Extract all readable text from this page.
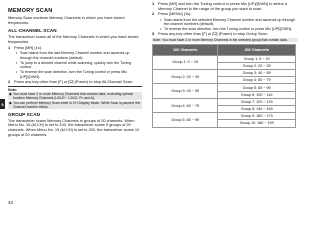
9
MEMORY SCAN

Memory Scan monitors Memory Channels in which you have stored frequencies.

ALL-CHANNEL SCAN

The transceiver scans all of the Memory Channels in which you have stored frequencies.

1 Press [MR] (1s).
• Scan starts from the last Memory Channel number and ascends up through the channel numbers (default).
• To jump to a desired channel while scanning, quickly turn the Tuning control.
• To reverse the scan direction, turn the Tuning control or press Mic [UP]/[DWN].
2 Press any key other than [F] or [⏻] (Power) to stop All-Channel Scan.
Note:
◆ You must have 2 or more Memory Channels that contain data, excluding special function Memory Channels (L0/U0 ~ L2/U2, Pr, and A).
◆ You can perform Memory Scan while in CH Display Mode. While Scan is paused, the Channel number blinks.
GROUP SCAN

The transceiver scans Memory Channels in groups of 20 channels. When Menu No. 15 (M.CH) is set to 100, the transceiver scans 5 groups of 20 channels. When Menu No. 15 (M.CH) is set to 200, the transceiver scans 10 groups of 20 channels.

1 Press [MR] and turn the Tuning control or press Mic [UP]/[DWN] to select a Memory Channel in the range of the group you want to scan.
2 Press [MENU] (1s).
• Scan starts from the selected Memory Channel number and ascends up through the channel numbers (default).
• To reverse the scan direction, turn the Tuning control or press Mic [UP]/[DWN].
3 Press any key other than [F] or [⏻] (Power) to stop Group Scan.
Note: You must have 2 or more Memory Channels in the selected group that contain data.
100 Channels	200 Channels
Group 1: 0 ~ 19	Group 1: 0 ~ 19
	Group 2: 20 ~ 39
Group 2: 20 ~ 39	Group 3: 40 ~ 59
	Group 4: 60 ~ 79
Group 3: 40 ~ 59	Group 5: 80 ~ 99
	Group 6: 100 ~ 119
Group 4: 60 ~ 79	Group 7: 120 ~ 139
	Group 8: 140 ~ 159
Group 5: 80 ~ 99	Group 9: 160 ~ 179
	Group 10: 180 ~ 199
42
